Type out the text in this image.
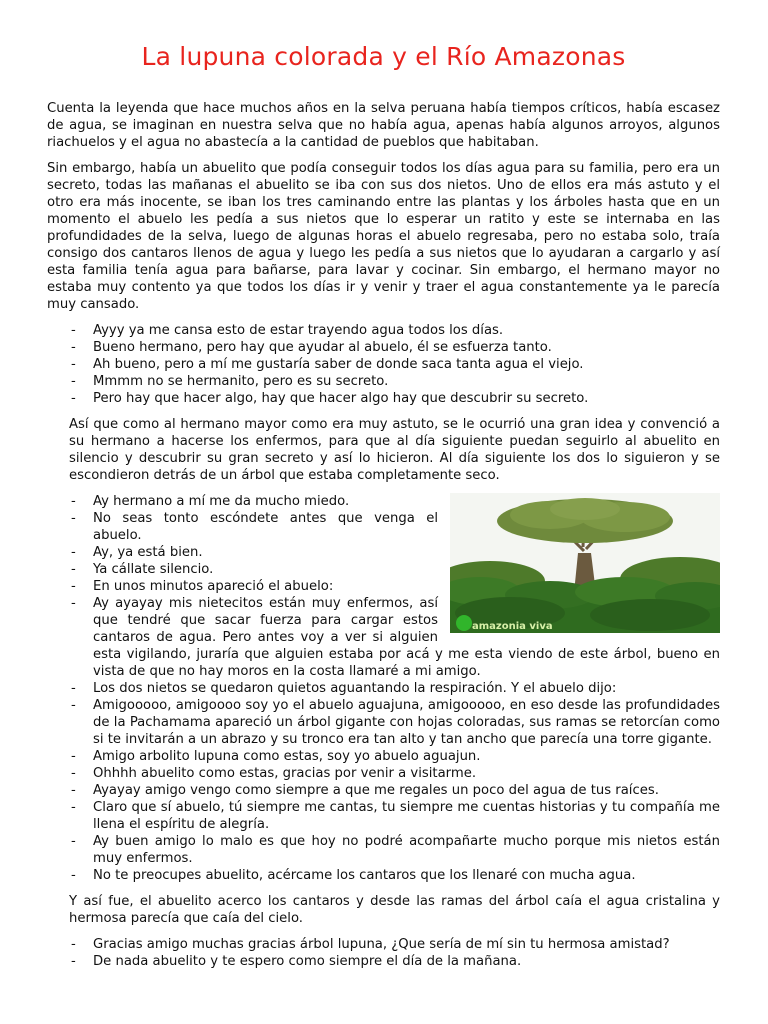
La lupuna colorada y el Río Amazonas

Cuenta la leyenda que hace muchos años en la selva peruana había tiempos críticos, había escasez de agua, se imaginan en nuestra selva que no había agua, apenas había algunos arroyos, algunos riachuelos y el agua no abastecía a la cantidad de pueblos que habitaban.

Sin embargo, había un abuelito que podía conseguir todos los días agua para su familia, pero era un secreto, todas las mañanas el abuelito se iba con sus dos nietos. Uno de ellos era más astuto y el otro era más inocente, se iban los tres caminando entre las plantas y los árboles hasta que en un momento el abuelo les pedía a sus nietos que lo esperar un ratito y este se internaba en las profundidades de la selva, luego de algunas horas el abuelo regresaba, pero no estaba solo, traía consigo dos cantaros llenos de agua y luego les pedía a sus nietos que lo ayudaran a cargarlo y así esta familia tenía agua para bañarse, para lavar y cocinar. Sin embargo, el hermano mayor no estaba muy contento ya que todos los días ir y venir y traer el agua constantemente ya le parecía muy cansado.

- Ayyy ya me cansa esto de estar trayendo agua todos los días.
- Bueno hermano, pero hay que ayudar al abuelo, él se esfuerza tanto.
- Ah bueno, pero a mí me gustaría saber de donde saca tanta agua el viejo.
- Mmmm no se hermanito, pero es su secreto.
- Pero hay que hacer algo, hay que hacer algo hay que descubrir su secreto.

Así que como al hermano mayor como era muy astuto, se le ocurrió una gran idea y convenció a su hermano a hacerse los enfermos, para que al día siguiente puedan seguirlo al abuelito en silencio y descubrir su gran secreto y así lo hicieron. Al día siguiente los dos lo siguieron y se escondieron detrás de un árbol que estaba completamente seco.

amazonia viva
- Ay hermano a mí me da mucho miedo.
- No seas tonto escóndete antes que venga el abuelo.
- Ay, ya está bien.
- Ya cállate silencio.
- En unos minutos apareció el abuelo:
- Ay ayayay mis nietecitos están muy enfermos, así que tendré que sacar fuerza para cargar estos cantaros de agua. Pero antes voy a ver si alguien esta vigilando, juraría que alguien estaba por acá y me esta viendo de este árbol, bueno en vista de que no hay moros en la costa llamaré a mi amigo.
- Los dos nietos se quedaron quietos aguantando la respiración. Y el abuelo dijo:
- Amigooooo, amigoooo soy yo el abuelo aguajuna, amigooooo, en eso desde las profundidades de la Pachamama apareció un árbol gigante con hojas coloradas, sus ramas se retorcían como si te invitarán a un abrazo y su tronco era tan alto y tan ancho que parecía una torre gigante.
- Amigo arbolito lupuna como estas, soy yo abuelo aguajun.
- Ohhhh abuelito como estas, gracias por venir a visitarme.
- Ayayay amigo vengo como siempre a que me regales un poco del agua de tus raíces.
- Claro que sí abuelo, tú siempre me cantas, tu siempre me cuentas historias y tu compañía me llena el espíritu de alegría.
- Ay buen amigo lo malo es que hoy no podré acompañarte mucho porque mis nietos están muy enfermos.
- No te preocupes abuelito, acércame los cantaros que los llenaré con mucha agua.

Y así fue, el abuelito acerco los cantaros y desde las ramas del árbol caía el agua cristalina y hermosa parecía que caía del cielo.

- Gracias amigo muchas gracias árbol lupuna, ¿Que sería de mí sin tu hermosa amistad?
- De nada abuelito y te espero como siempre el día de la mañana.
